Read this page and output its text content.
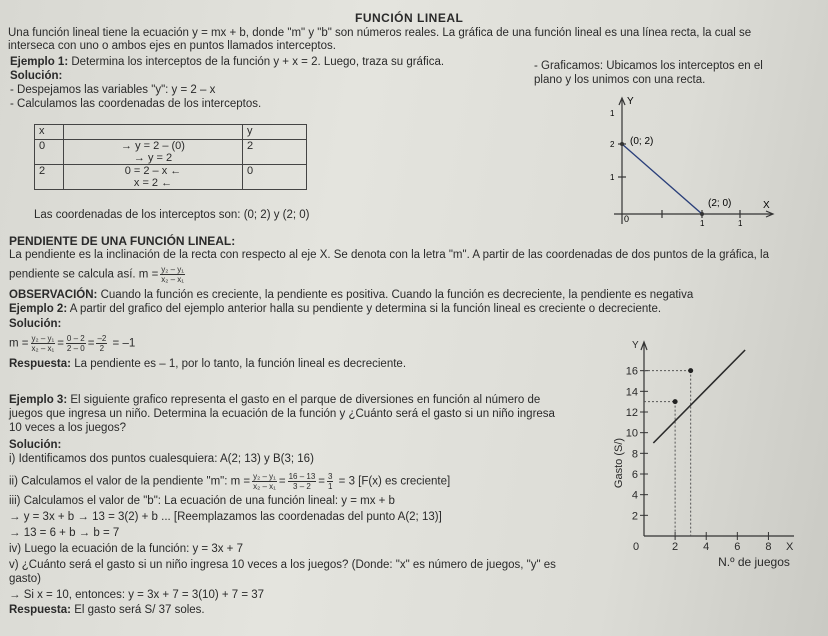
FUNCIÓN LINEAL
Una función lineal tiene la ecuación y = mx + b, donde "m" y "b" son números reales. La gráfica de una función lineal es una línea recta, la cual se
interseca con uno o ambos ejes en puntos llamados interceptos.
Ejemplo 1: Determina los interceptos de la función y + x = 2. Luego, traza su gráfica.
Solución:
- Despejamos las variables "y": y = 2 – x
- Calculamos las coordenadas de los interceptos.
x		y
0	→ y = 2 – (0)
→ y = 2	2
2	0 = 2 – x ←
x = 2 ←	0
Las coordenadas de los interceptos son: (0; 2) y (2; 0)
- Graficamos: Ubicamos los interceptos en el
plano y los unimos con una recta.
Y
X
(0; 2)
(2; 0)
0
1
2
1
1	1
PENDIENTE DE UNA FUNCIÓN LINEAL:
La pendiente es la inclinación de la recta con respecto al eje X. Se denota con la letra "m". A partir de las coordenadas de dos puntos de la gráfica, la
pendiente se calcula así. $m = \frac{\text{y₂ – y₁}}{\text{x₂ – x₁}}$
OBSERVACIÓN: Cuando la función es creciente, la pendiente es positiva. Cuando la función es decreciente, la pendiente es negativa
Ejemplo 2: A partir del grafico del ejemplo anterior halla su pendiente y determina si la función lineal es creciente o decreciente.
Solución:
$m = \frac{\text{y₂ – y₁}}{\text{x₂ – x₁}} = \frac{0 - 2}{2 - 0} = \frac{-2}{2} = -1$
Respuesta: La pendiente es – 1, por lo tanto, la función lineal es decreciente.
Ejemplo 3: El siguiente grafico representa el gasto en el parque de diversiones en función al número de
juegos que ingresa un niño. Determina la ecuación de la función y ¿Cuánto será el gasto si un niño ingresa
10 veces a los juegos?
Solución:
i) Identificamos dos puntos cualesquiera: A(2; 13) y B(3; 16)
ii) Calculamos el valor de la pendiente "m": $m = \frac{\text{y₂ – y₁}}{\text{x₂ – x₁}} = \frac{16 - 13}{3 - 2} = \frac{3}{1} = 3$ [F(x) es creciente]
iii) Calculamos el valor de "b": La ecuación de una función lineal: y = mx + b
→ y = 3x + b → 13 = 3(2) + b ... [Reemplazamos las coordenadas del punto A(2; 13)]
→ 13 = 6 + b → b = 7
iv) Luego la ecuación de la función: y = 3x + 7
v) ¿Cuánto será el gasto si un niño ingresa 10 veces a los juegos? (Donde: "x" es número de juegos, "y" es
gasto)
→ Si x = 10, entonces: y = 3x + 7 = 3(10) + 7 = 37
Respuesta: El gasto será S/ 37 soles.
2
4
6
8
10
12
14
16
0	2 4 6 8
Gasto (S/)
N.º de juegos
Y
X
